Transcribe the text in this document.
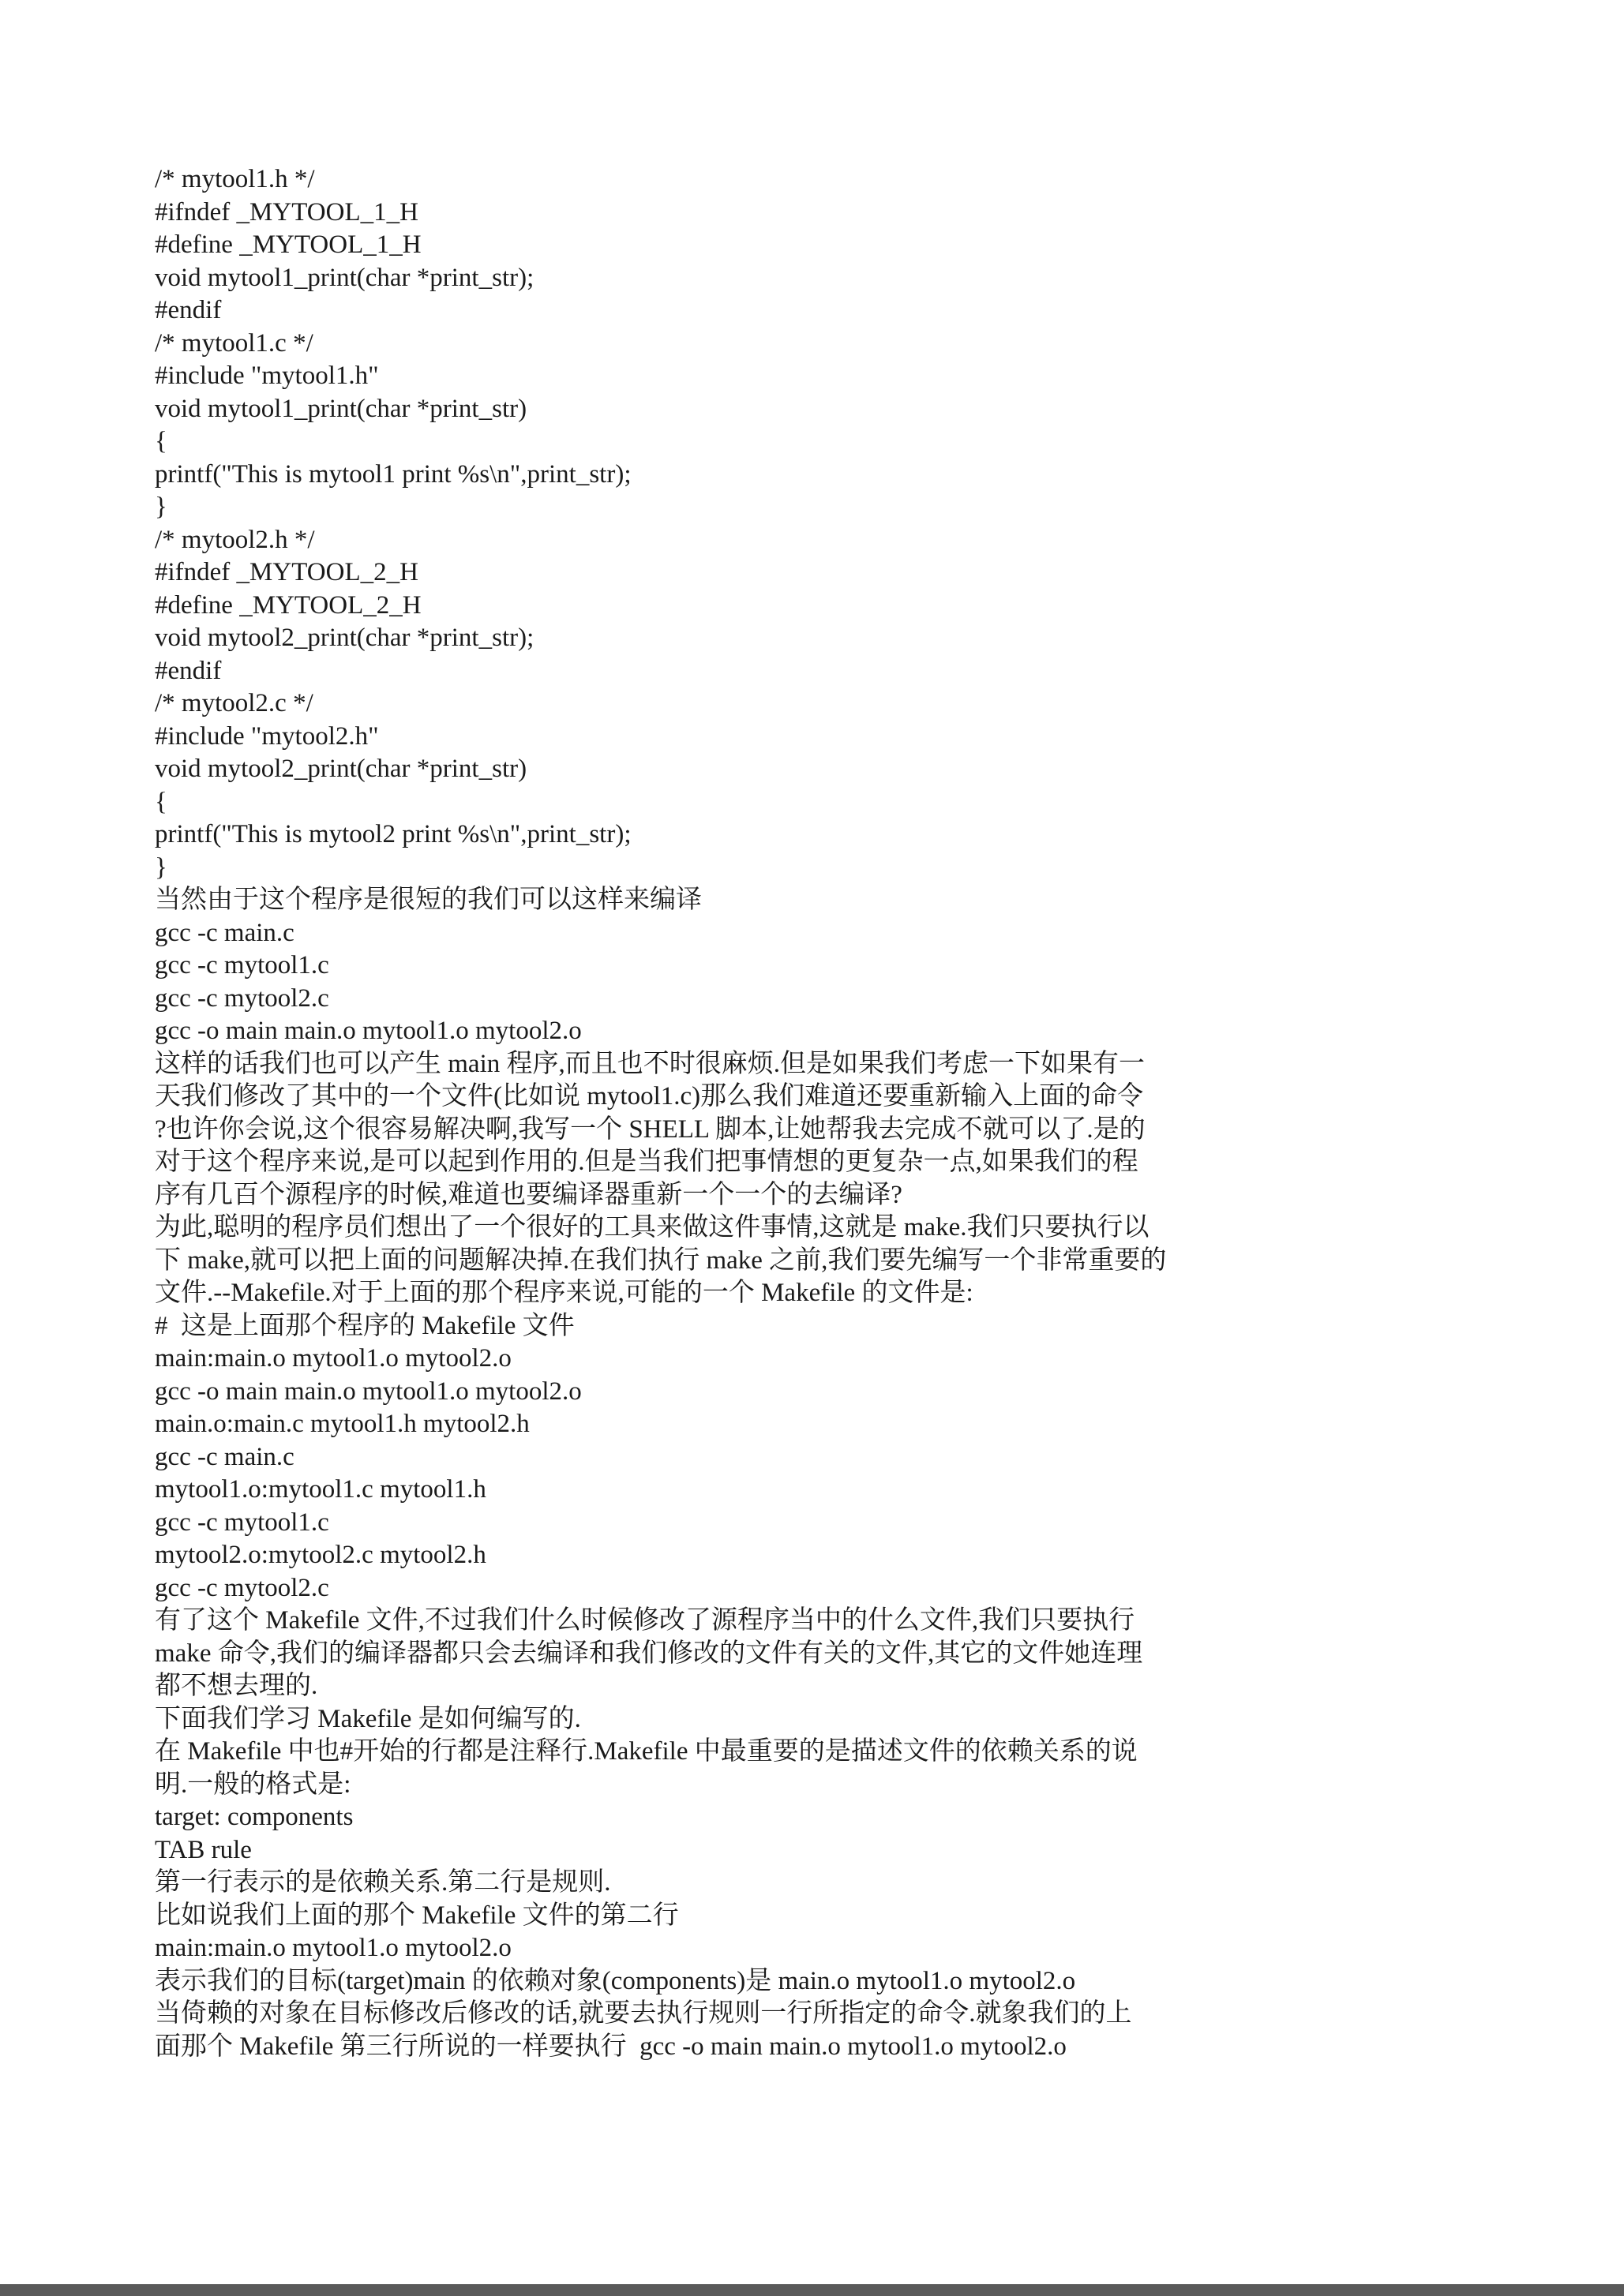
/* mytool1.h */
#ifndef _MYTOOL_1_H
#define _MYTOOL_1_H
void mytool1_print(char *print_str);
#endif
/* mytool1.c */
#include "mytool1.h"
void mytool1_print(char *print_str)
{
printf("This is mytool1 print %s\n",print_str);
}
/* mytool2.h */
#ifndef _MYTOOL_2_H
#define _MYTOOL_2_H
void mytool2_print(char *print_str);
#endif
/* mytool2.c */
#include "mytool2.h"
void mytool2_print(char *print_str)
{
printf("This is mytool2 print %s\n",print_str);
}
当然由于这个程序是很短的我们可以这样来编译
gcc -c main.c
gcc -c mytool1.c
gcc -c mytool2.c
gcc -o main main.o mytool1.o mytool2.o
这样的话我们也可以产生 main 程序,而且也不时很麻烦.但是如果我们考虑一下如果有一
天我们修改了其中的一个文件(比如说 mytool1.c)那么我们难道还要重新输入上面的命令
?也许你会说,这个很容易解决啊,我写一个 SHELL 脚本,让她帮我去完成不就可以了.是的
对于这个程序来说,是可以起到作用的.但是当我们把事情想的更复杂一点,如果我们的程
序有几百个源程序的时候,难道也要编译器重新一个一个的去编译?
为此,聪明的程序员们想出了一个很好的工具来做这件事情,这就是 make.我们只要执行以
下 make,就可以把上面的问题解决掉.在我们执行 make 之前,我们要先编写一个非常重要的
文件.--Makefile.对于上面的那个程序来说,可能的一个 Makefile 的文件是:
#  这是上面那个程序的 Makefile 文件
main:main.o mytool1.o mytool2.o
gcc -o main main.o mytool1.o mytool2.o
main.o:main.c mytool1.h mytool2.h
gcc -c main.c
mytool1.o:mytool1.c mytool1.h
gcc -c mytool1.c
mytool2.o:mytool2.c mytool2.h
gcc -c mytool2.c
有了这个 Makefile 文件,不过我们什么时候修改了源程序当中的什么文件,我们只要执行
make 命令,我们的编译器都只会去编译和我们修改的文件有关的文件,其它的文件她连理
都不想去理的.
下面我们学习 Makefile 是如何编写的.
在 Makefile 中也#开始的行都是注释行.Makefile 中最重要的是描述文件的依赖关系的说
明.一般的格式是:
target: components
TAB rule
第一行表示的是依赖关系.第二行是规则.
比如说我们上面的那个 Makefile 文件的第二行
main:main.o mytool1.o mytool2.o
表示我们的目标(target)main 的依赖对象(components)是 main.o mytool1.o mytool2.o
当倚赖的对象在目标修改后修改的话,就要去执行规则一行所指定的命令.就象我们的上
面那个 Makefile 第三行所说的一样要执行  gcc -o main main.o mytool1.o mytool2.o
